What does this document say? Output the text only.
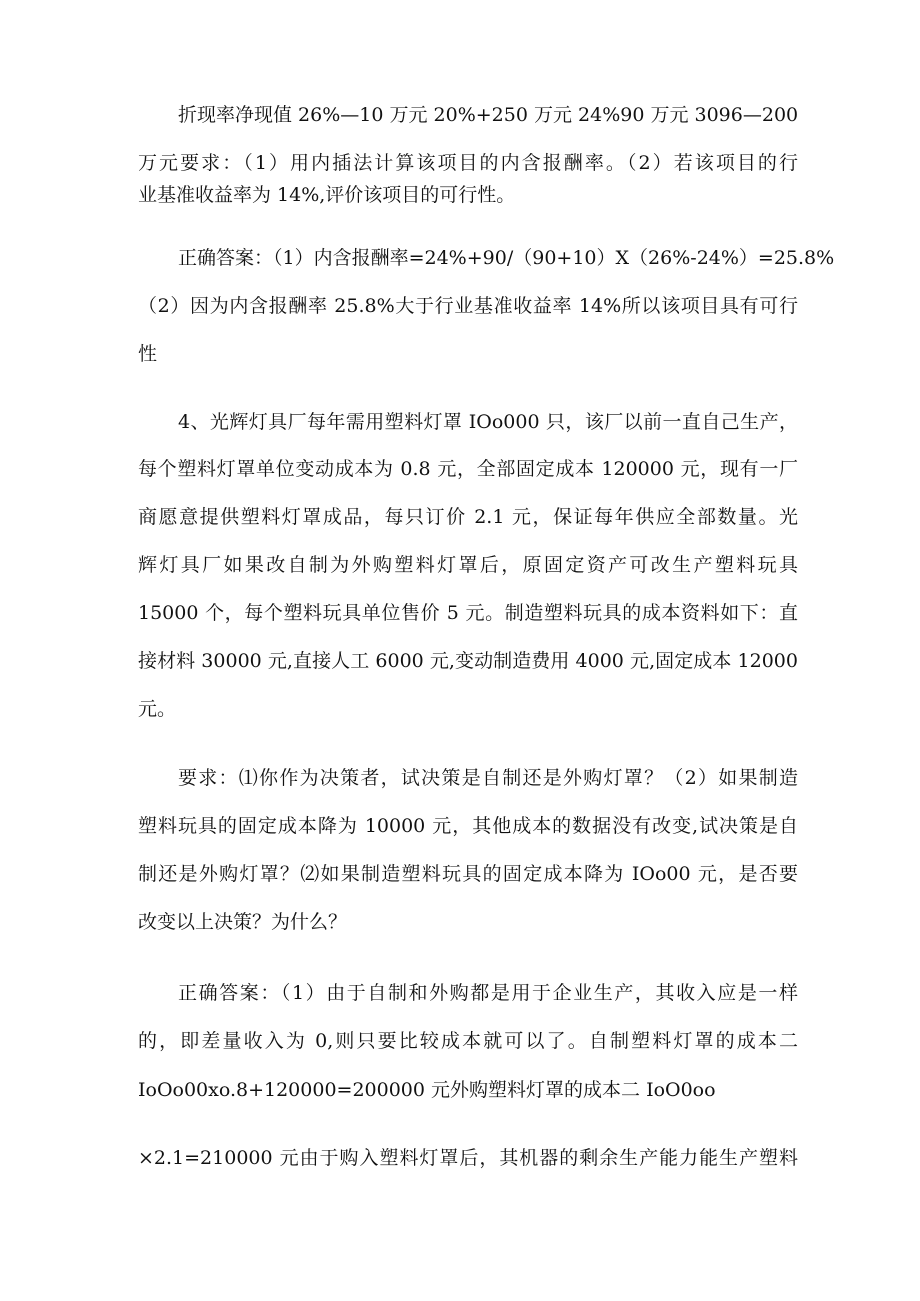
折现率净现值 26%—10 万元 20%+250 万元 24%90 万元 3096—200
万元要求：（1）用内插法计算该项目的内含报酬率。（2）若该项目的行
业基准收益率为 14%,评价该项目的可行性。
正确答案：（1）内含报酬率=24%+90/（90+10）X（26%-24%）=25.8%
（2）因为内含报酬率 25.8%大于行业基准收益率 14%所以该项目具有可行
性
4、光辉灯具厂每年需用塑料灯罩 IOo000 只，该厂以前一直自己生产，
每个塑料灯罩单位变动成本为 0.8 元，全部固定成本 120000 元，现有一厂
商愿意提供塑料灯罩成品，每只订价 2.1 元，保证每年供应全部数量。光
辉灯具厂如果改自制为外购塑料灯罩后，原固定资产可改生产塑料玩具
15000 个，每个塑料玩具单位售价 5 元。制造塑料玩具的成本资料如下：直
接材料 30000 元,直接人工 6000 元,变动制造费用 4000 元,固定成本 12000
元。
要求：⑴你作为决策者，试决策是自制还是外购灯罩？（2）如果制造
塑料玩具的固定成本降为 10000 元，其他成本的数据没有改变,试决策是自
制还是外购灯罩？⑵如果制造塑料玩具的固定成本降为 IOo00 元，是否要
改变以上决策？为什么？
正确答案：（1）由于自制和外购都是用于企业生产，其收入应是一样
的，即差量收入为 0,则只要比较成本就可以了。自制塑料灯罩的成本二
IoOo00xo.8+120000=200000 元外购塑料灯罩的成本二 IoO0oo
×2.1=210000 元由于购入塑料灯罩后，其机器的剩余生产能力能生产塑料
